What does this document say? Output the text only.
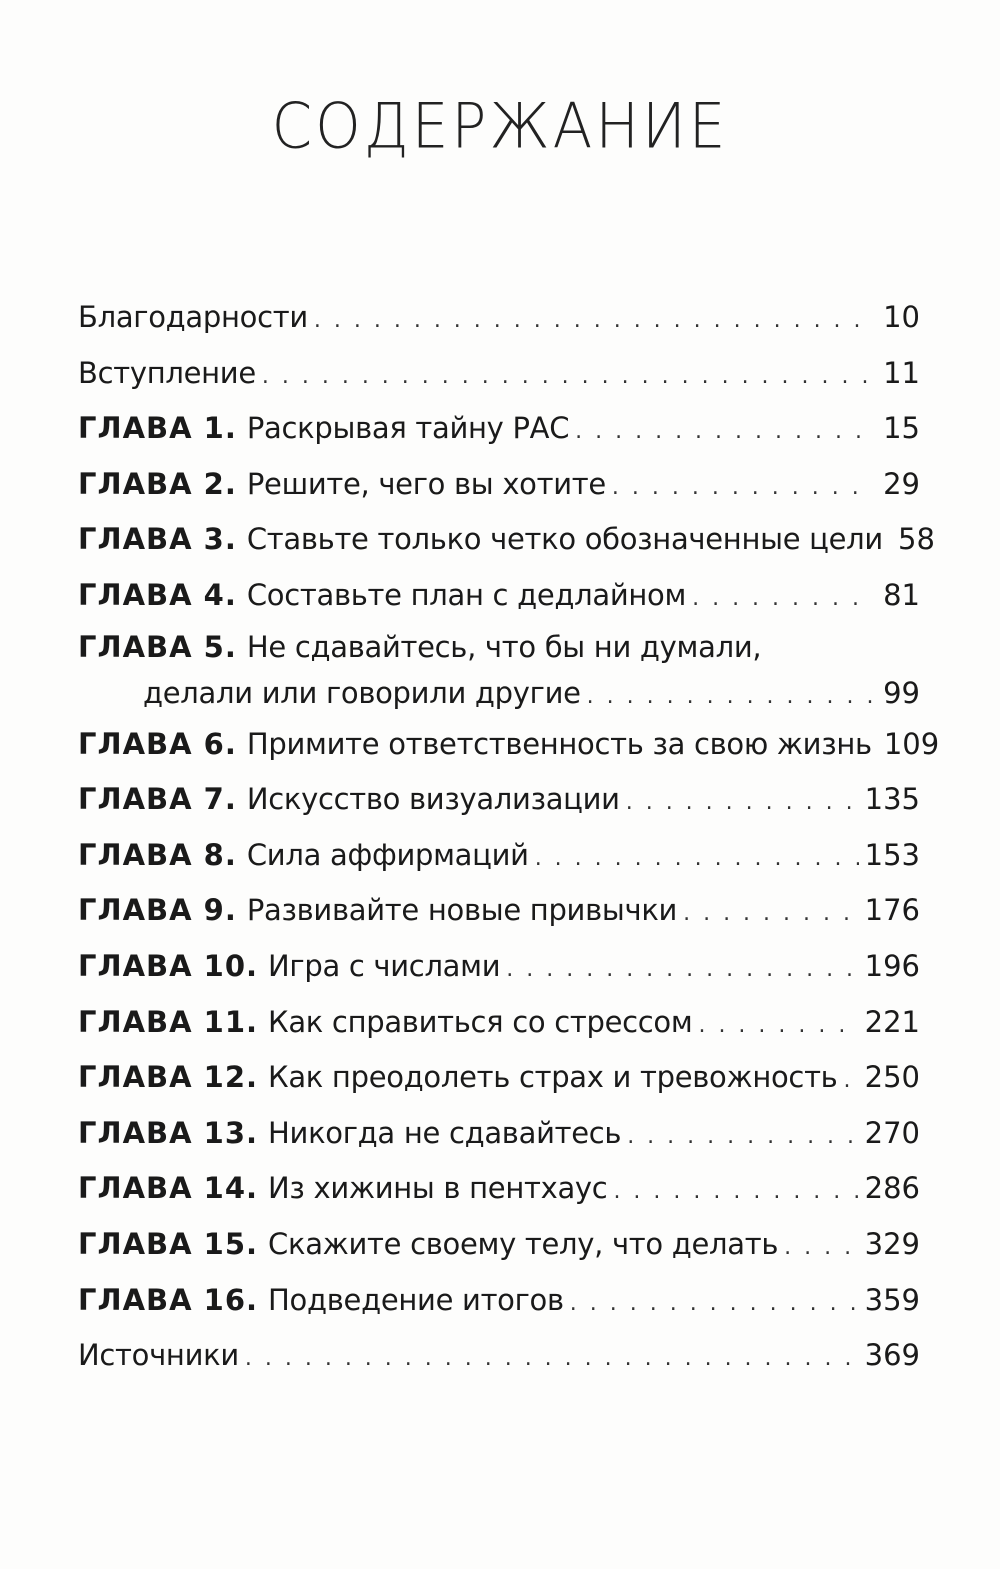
СОДЕРЖАНИЕ
Благодарности . . .	10
Вступление . . .	11
ГЛАВА 1. Раскрывая тайну РАС . . .	15
ГЛАВА 2. Решите, чего вы хотите . . .	29
ГЛАВА 3. Ставьте только четко обозначенные цели 58
ГЛАВА 4. Составьте план с дедлайном . . .	81
ГЛАВА 5. Не сдавайтесь, что бы ни думали,
делали или говорили другие . . .	99
ГЛАВА 6. Примите ответственность за свою жизнь 109
ГЛАВА 7. Искусство визуализации . . .	135
ГЛАВА 8. Сила аффирмаций . . .	153
ГЛАВА 9. Развивайте новые привычки . . .	176
ГЛАВА 10. Игра с числами . . .	196
ГЛАВА 11. Как справиться со стрессом . . .	221
ГЛАВА 12. Как преодолеть страх и тревожность . . . 250
ГЛАВА 13. Никогда не сдавайтесь . . .	270
ГЛАВА 14. Из хижины в пентхаус . . .	286
ГЛАВА 15. Скажите своему телу, что делать . . .	329
ГЛАВА 16. Подведение итогов . . .	359
Источники . . .	369
